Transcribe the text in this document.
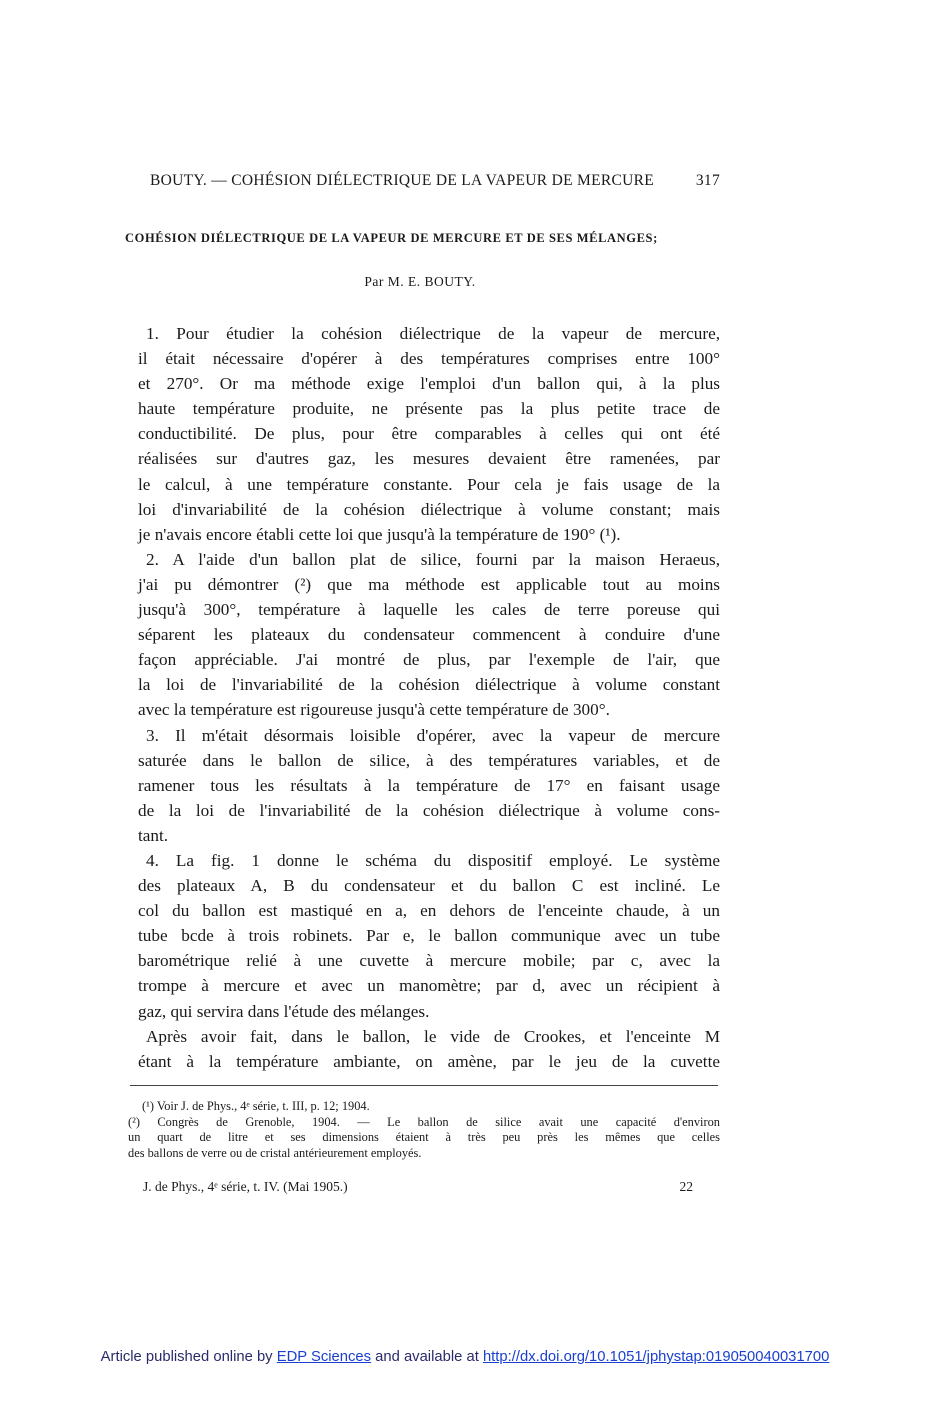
BOUTY. — COHÉSION DIÉLECTRIQUE DE LA VAPEUR DE MERCURE	317
COHÉSION DIÉLECTRIQUE DE LA VAPEUR DE MERCURE ET DE SES MÉLANGES;
Par M. E. BOUTY.
1. Pour étudier la cohésion diélectrique de la vapeur de mercure,
il était nécessaire d'opérer à des températures comprises entre 100°
et 270°. Or ma méthode exige l'emploi d'un ballon qui, à la plus
haute température produite, ne présente pas la plus petite trace de
conductibilité. De plus, pour être comparables à celles qui ont été
réalisées sur d'autres gaz, les mesures devaient être ramenées, par
le calcul, à une température constante. Pour cela je fais usage de la
loi d'invariabilité de la cohésion diélectrique à volume constant; mais
je n'avais encore établi cette loi que jusqu'à la température de 190° (¹).
2. A l'aide d'un ballon plat de silice, fourni par la maison Heraeus,
j'ai pu démontrer (²) que ma méthode est applicable tout au moins
jusqu'à 300°, température à laquelle les cales de terre poreuse qui
séparent les plateaux du condensateur commencent à conduire d'une
façon appréciable. J'ai montré de plus, par l'exemple de l'air, que
la loi de l'invariabilité de la cohésion diélectrique à volume constant
avec la température est rigoureuse jusqu'à cette température de 300°.
3. Il m'était désormais loisible d'opérer, avec la vapeur de mercure
saturée dans le ballon de silice, à des températures variables, et de
ramener tous les résultats à la température de 17° en faisant usage
de la loi de l'invariabilité de la cohésion diélectrique à volume cons-
tant.
4. La fig. 1 donne le schéma du dispositif employé. Le système
des plateaux A, B du condensateur et du ballon C est incliné. Le
col du ballon est mastiqué en a, en dehors de l'enceinte chaude, à un
tube bcde à trois robinets. Par e, le ballon communique avec un tube
barométrique relié à une cuvette à mercure mobile; par c, avec la
trompe à mercure et avec un manomètre; par d, avec un récipient à
gaz, qui servira dans l'étude des mélanges.
Après avoir fait, dans le ballon, le vide de Crookes, et l'enceinte M
étant à la température ambiante, on amène, par le jeu de la cuvette
(¹) Voir J. de Phys., 4ᵉ série, t. III, p. 12; 1904.
(²) Congrès de Grenoble, 1904. — Le ballon de silice avait une capacité d'environ
un quart de litre et ses dimensions étaient à très peu près les mêmes que celles
des ballons de verre ou de cristal antérieurement employés.
J. de Phys., 4ᵉ série, t. IV. (Mai 1905.)	22
Article published online by EDP Sciences and available at http://dx.doi.org/10.1051/jphystap:019050040031700
